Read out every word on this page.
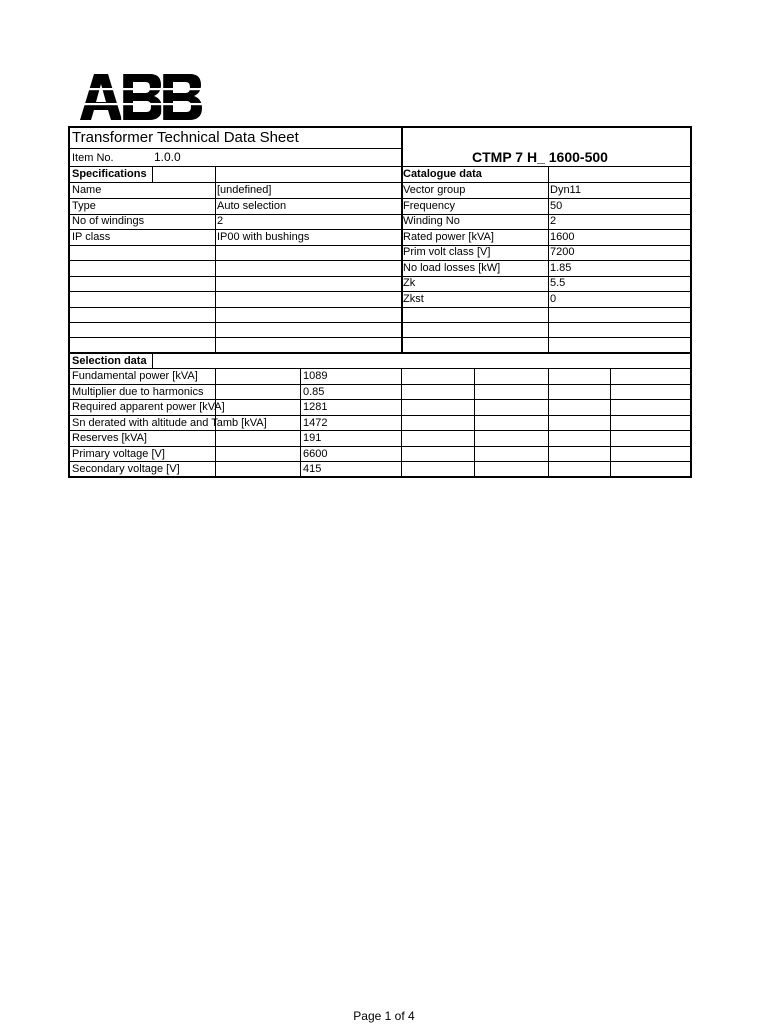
Transformer Technical Data Sheet
Item No.	1.0.0	CTMP 7 H_ 1600-500
Specifications	Catalogue data
Name	[undefined]
Type	Auto selection
No of windings	2
IP class	IP00 with bushings
Vector group	Dyn11
Frequency	50
Winding No	2
Rated power [kVA]	1600
Prim volt class [V]	7200
No load losses [kW]	1.85
Zk	5.5
Zkst	0
Selection data
Fundamental power [kVA]	1089
Multiplier due to harmonics	0.85
Required apparent power [kVA]	1281
Sn derated with altitude and Tamb [kVA]	1472
Reserves [kVA]	191
Primary voltage [V]	6600
Secondary voltage [V]	415
Page 1 of 4
